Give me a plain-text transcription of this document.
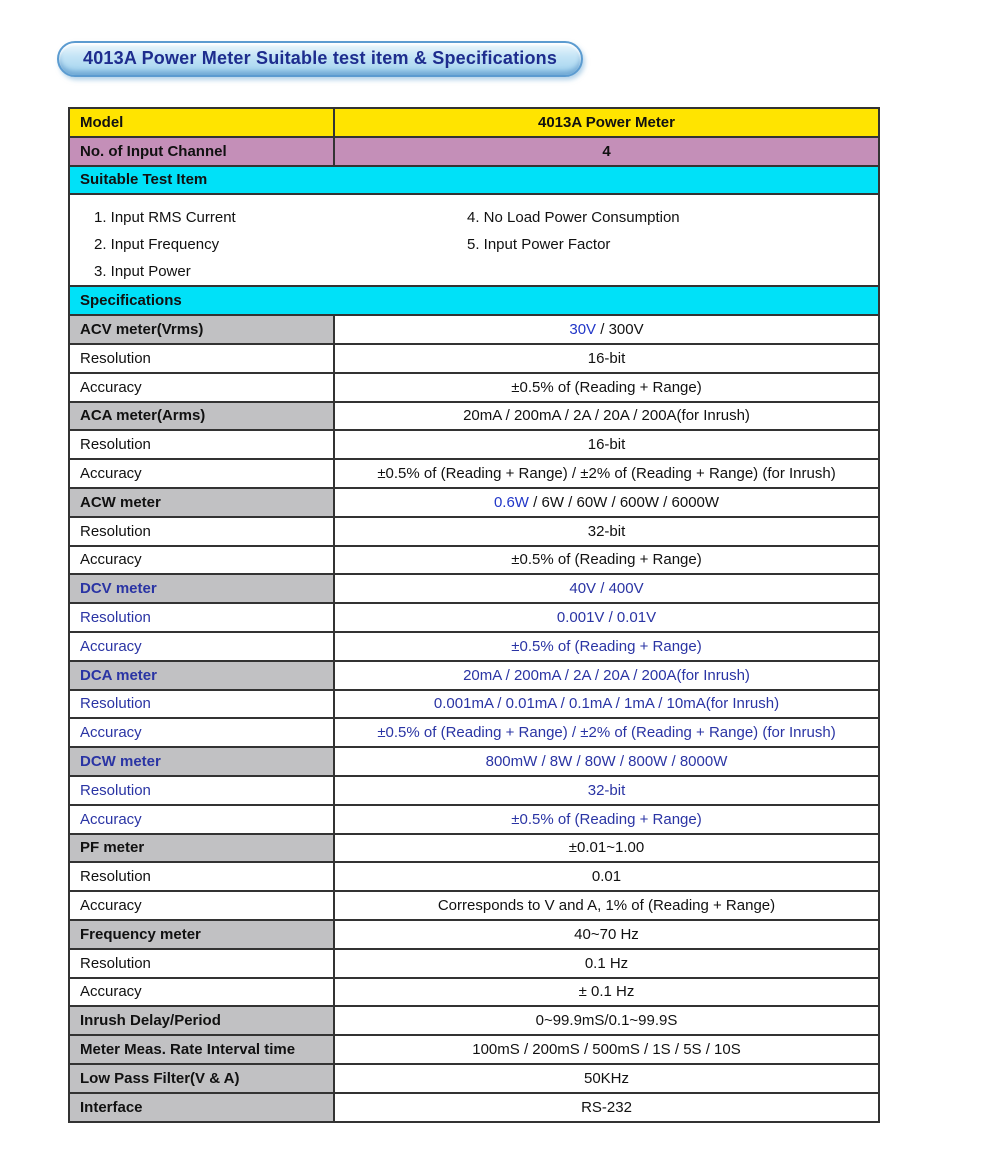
4013A Power Meter Suitable test item & Specifications
Model	4013A Power Meter
No. of Input Channel	4
Suitable Test Item	

1. Input RMS Current
2. Input Frequency
3. Input Power
4. No Load Power Consumption
5. Input Power Factor	

Specifications	
ACV meter(Vrms)	30V / 300V
Resolution	16-bit
Accuracy	±0.5% of (Reading + Range)
ACA meter(Arms)	20mA / 200mA / 2A / 20A / 200A(for Inrush)
Resolution	16-bit
Accuracy	±0.5% of (Reading + Range) / ±2% of (Reading + Range) (for Inrush)
ACW meter	0.6W / 6W / 60W / 600W / 6000W
Resolution	32-bit
Accuracy	±0.5% of (Reading + Range)
DCV meter	40V / 400V
Resolution	0.001V / 0.01V
Accuracy	±0.5% of (Reading + Range)
DCA meter	20mA / 200mA / 2A / 20A / 200A(for Inrush)
Resolution	0.001mA / 0.01mA / 0.1mA / 1mA / 10mA(for Inrush)
Accuracy	±0.5% of (Reading + Range) / ±2% of (Reading + Range) (for Inrush)
DCW meter	800mW / 8W / 80W / 800W / 8000W
Resolution	32-bit
Accuracy	±0.5% of (Reading + Range)
PF meter	±0.01~1.00
Resolution	0.01
Accuracy	Corresponds to V and A, 1% of (Reading + Range)
Frequency meter	40~70 Hz
Resolution	0.1 Hz
Accuracy	± 0.1 Hz
Inrush Delay/Period	0~99.9mS/0.1~99.9S
Meter Meas. Rate Interval time	100mS / 200mS / 500mS / 1S / 5S / 10S
Low Pass Filter(V & A)	50KHz
Interface	RS-232
